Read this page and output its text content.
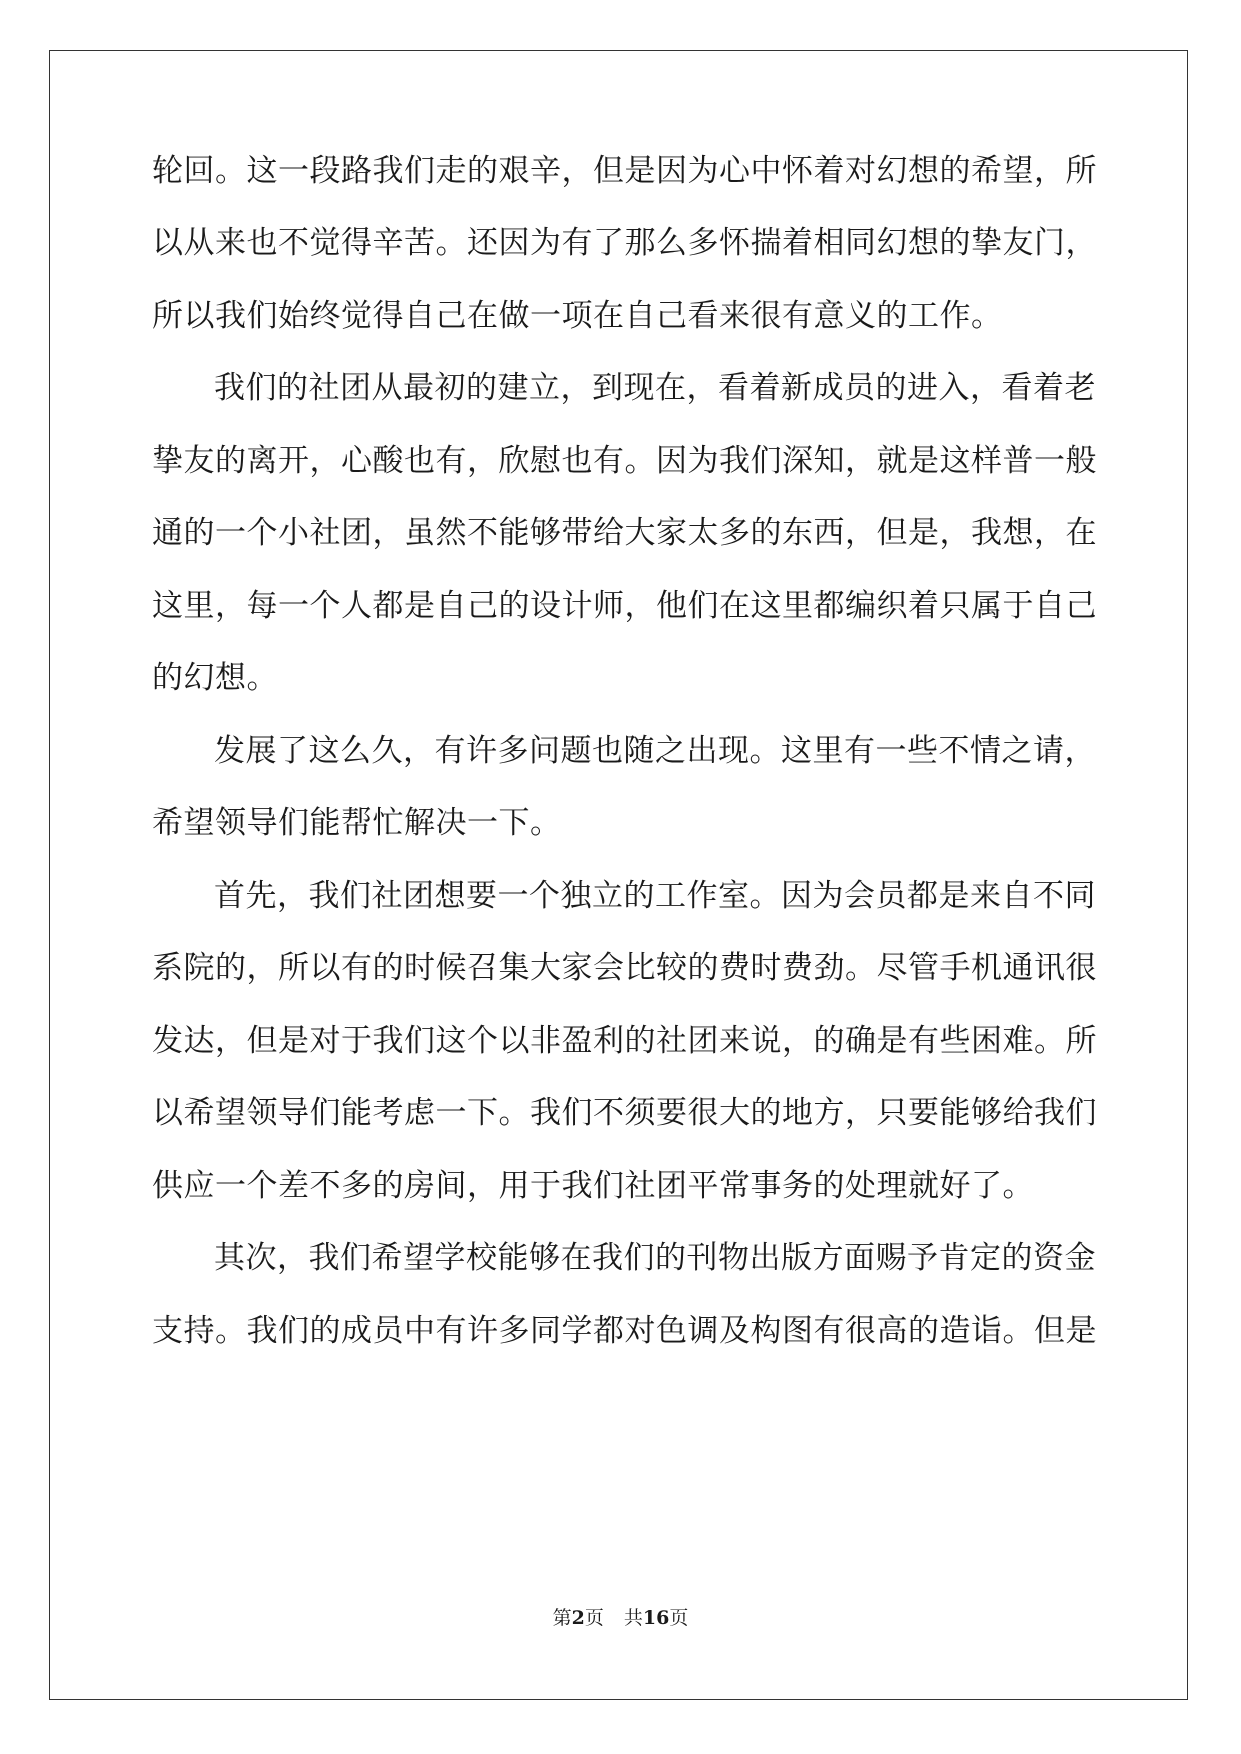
轮回。这一段路我们走的艰辛，但是因为心中怀着对幻想的希望，所
以从来也不觉得辛苦。还因为有了那么多怀揣着相同幻想的挚友门，
所以我们始终觉得自己在做一项在自己看来很有意义的工作。
我们的社团从最初的建立，到现在，看着新成员的进入，看着老
挚友的离开，心酸也有，欣慰也有。因为我们深知，就是这样普一般
通的一个小社团，虽然不能够带给大家太多的东西，但是，我想，在
这里，每一个人都是自己的设计师，他们在这里都编织着只属于自己
的幻想。
发展了这么久，有许多问题也随之出现。这里有一些不情之请，
希望领导们能帮忙解决一下。
首先，我们社团想要一个独立的工作室。因为会员都是来自不同
系院的，所以有的时候召集大家会比较的费时费劲。尽管手机通讯很
发达，但是对于我们这个以非盈利的社团来说，的确是有些困难。所
以希望领导们能考虑一下。我们不须要很大的地方，只要能够给我们
供应一个差不多的房间，用于我们社团平常事务的处理就好了。
其次，我们希望学校能够在我们的刊物出版方面赐予肯定的资金
支持。我们的成员中有许多同学都对色调及构图有很高的造诣。但是
第2页 共16页
